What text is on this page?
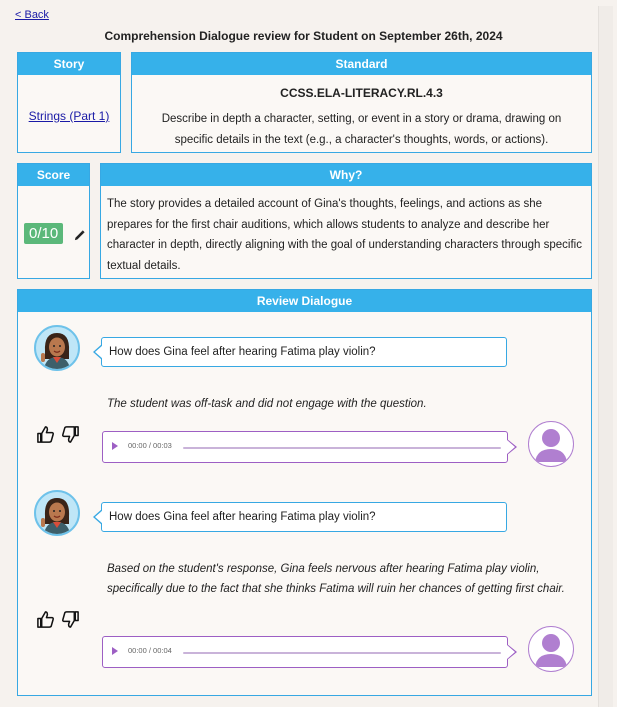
< Back
Comprehension Dialogue review for Student on September 26th, 2024
Story
Strings (Part 1)
Standard
CCSS.ELA-LITERACY.RL.4.3
Describe in depth a character, setting, or event in a story or drama, drawing on specific details in the text (e.g., a character's thoughts, words, or actions).
Score
0/10
Why?
The story provides a detailed account of Gina's thoughts, feelings, and actions as she prepares for the first chair auditions, which allows students to analyze and describe her character in depth, directly aligning with the goal of understanding characters through specific textual details.
Review Dialogue
How does Gina feel after hearing Fatima play violin?
The student was off-task and did not engage with the question.
00:00 / 00:03
How does Gina feel after hearing Fatima play violin?
Based on the student's response, Gina feels nervous after hearing Fatima play violin, specifically due to the fact that she thinks Fatima will ruin her chances of getting first chair.
00:00 / 00:04
